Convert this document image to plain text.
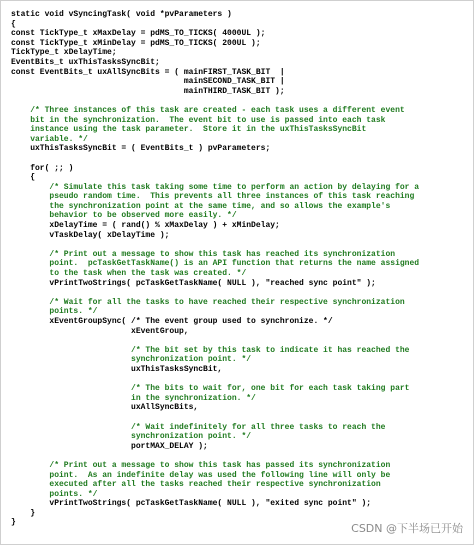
static void vSyncingTask( void *pvParameters )
{
const TickType_t xMaxDelay = pdMS_TO_TICKS( 4000UL );
const TickType_t xMinDelay = pdMS_TO_TICKS( 200UL );
TickType_t xDelayTime;
EventBits_t uxThisTasksSyncBit;
const EventBits_t uxAllSyncBits = ( mainFIRST_TASK_BIT  |
mainSECOND_TASK_BIT |
mainTHIRD_TASK_BIT );
/* Three instances of this task are created - each task uses a different event
bit in the synchronization.  The event bit to use is passed into each task
instance using the task parameter.  Store it in the uxThisTasksSyncBit
variable. */
uxThisTasksSyncBit = ( EventBits_t ) pvParameters;
for( ;; )
{
/* Simulate this task taking some time to perform an action by delaying for a
pseudo random time.  This prevents all three instances of this task reaching
the synchronization point at the same time, and so allows the example's
behavior to be observed more easily. */
xDelayTime = ( rand() % xMaxDelay ) + xMinDelay;
vTaskDelay( xDelayTime );
/* Print out a message to show this task has reached its synchronization
point.  pcTaskGetTaskName() is an API function that returns the name assigned
to the task when the task was created. */
vPrintTwoStrings( pcTaskGetTaskName( NULL ), "reached sync point" );
/* Wait for all the tasks to have reached their respective synchronization
points. */
xEventGroupSync( /* The event group used to synchronize. */
xEventGroup,
/* The bit set by this task to indicate it has reached the
synchronization point. */
uxThisTasksSyncBit,
/* The bits to wait for, one bit for each task taking part
in the synchronization. */
uxAllSyncBits,
/* Wait indefinitely for all three tasks to reach the
synchronization point. */
portMAX_DELAY );
/* Print out a message to show this task has passed its synchronization
point.  As an indefinite delay was used the following line will only be
executed after all the tasks reached their respective synchronization
points. */
vPrintTwoStrings( pcTaskGetTaskName( NULL ), "exited sync point" );
}
}	CSDN @下半场已开始
